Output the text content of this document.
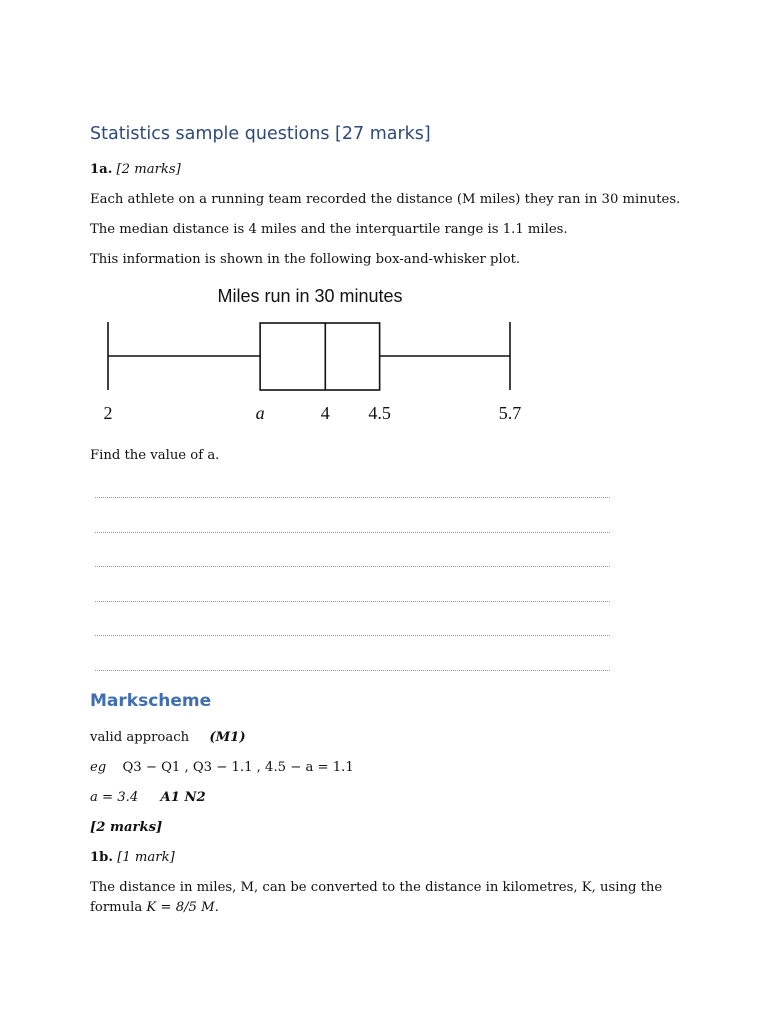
Statistics sample questions [27 marks]
1a. [2 marks]
Each athlete on a running team recorded the distance (M miles) they ran in 30 minutes.
The median distance is 4 miles and the interquartile range is 1.1 miles.
This information is shown in the following box-and-whisker plot.
Miles run in 30 minutes
2	a	4 4.5	5.7
Find the value of a.
Markscheme
valid approach (M1)
eg Q3 − Q1 , Q3 − 1.1 , 4.5 − a = 1.1
a = 3.4 A1 N2
[2 marks]
1b. [1 mark]
The distance in miles, M, can be converted to the distance in kilometres, K, using the
formula K = 8/5 M.
